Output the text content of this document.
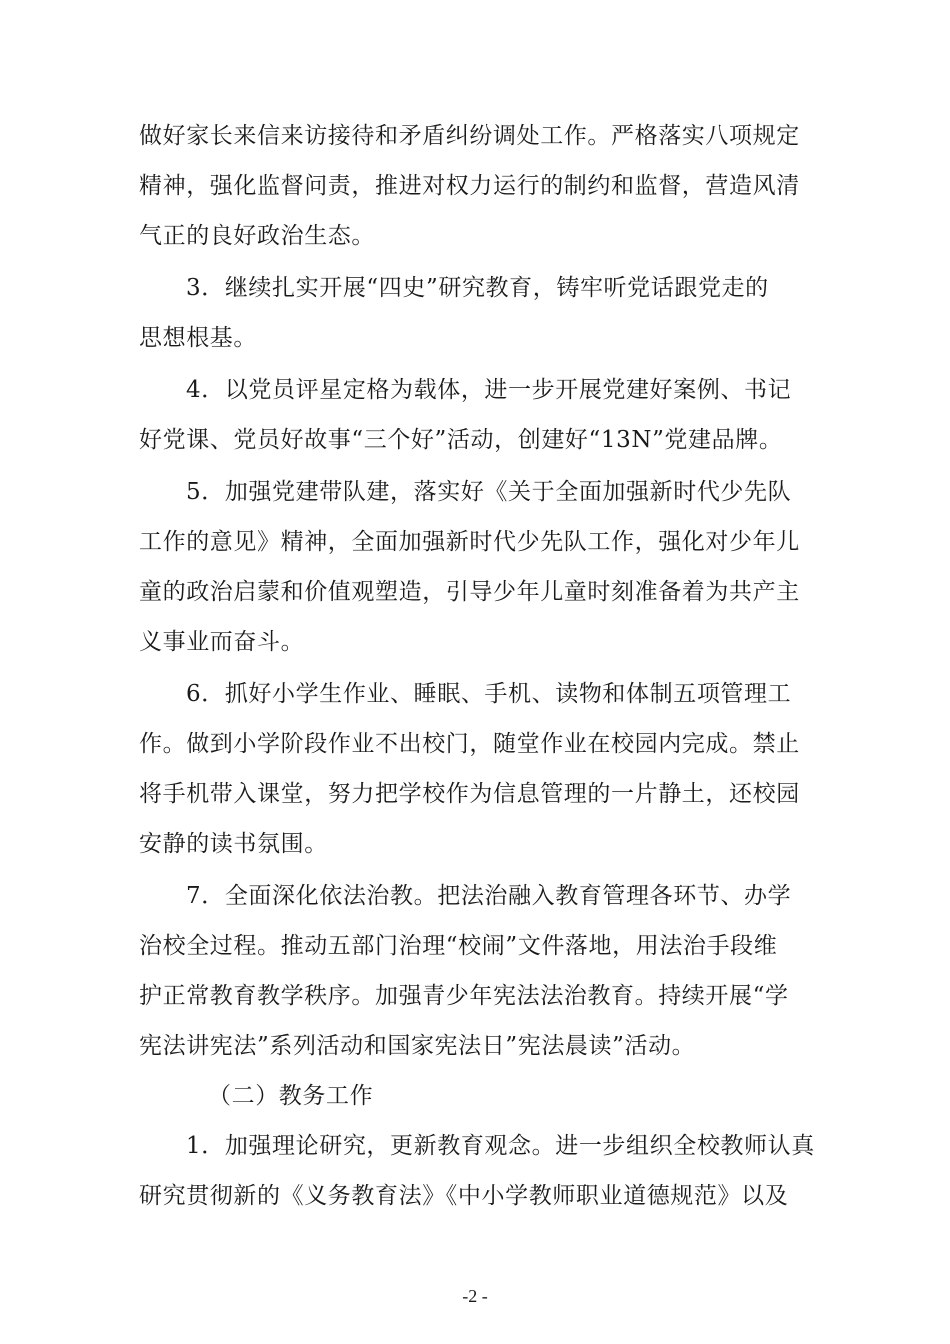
做好家长来信来访接待和矛盾纠纷调处工作。严格落实八项规定
精神，强化监督问责，推进对权力运行的制约和监督，营造风清
气正的良好政治生态。
3．继续扎实开展“四史”研究教育，铸牢听党话跟党走的
思想根基。
4．以党员评星定格为载体，进一步开展党建好案例、书记
好党课、党员好故事“三个好”活动，创建好“13N”党建品牌。
5．加强党建带队建，落实好《关于全面加强新时代少先队
工作的意见》精神，全面加强新时代少先队工作，强化对少年儿
童的政治启蒙和价值观塑造，引导少年儿童时刻准备着为共产主
义事业而奋斗。
6．抓好小学生作业、睡眠、手机、读物和体制五项管理工
作。做到小学阶段作业不出校门，随堂作业在校园内完成。禁止
将手机带入课堂，努力把学校作为信息管理的一片静土，还校园
安静的读书氛围。
7．全面深化依法治教。把法治融入教育管理各环节、办学
治校全过程。推动五部门治理“校闹”文件落地，用法治手段维
护正常教育教学秩序。加强青少年宪法法治教育。持续开展“学
宪法讲宪法”系列活动和国家宪法日”宪法晨读”活动。
（二）教务工作
1．加强理论研究，更新教育观念。进一步组织全校教师认真
研究贯彻新的《义务教育法》《中小学教师职业道德规范》以及
-2 -
